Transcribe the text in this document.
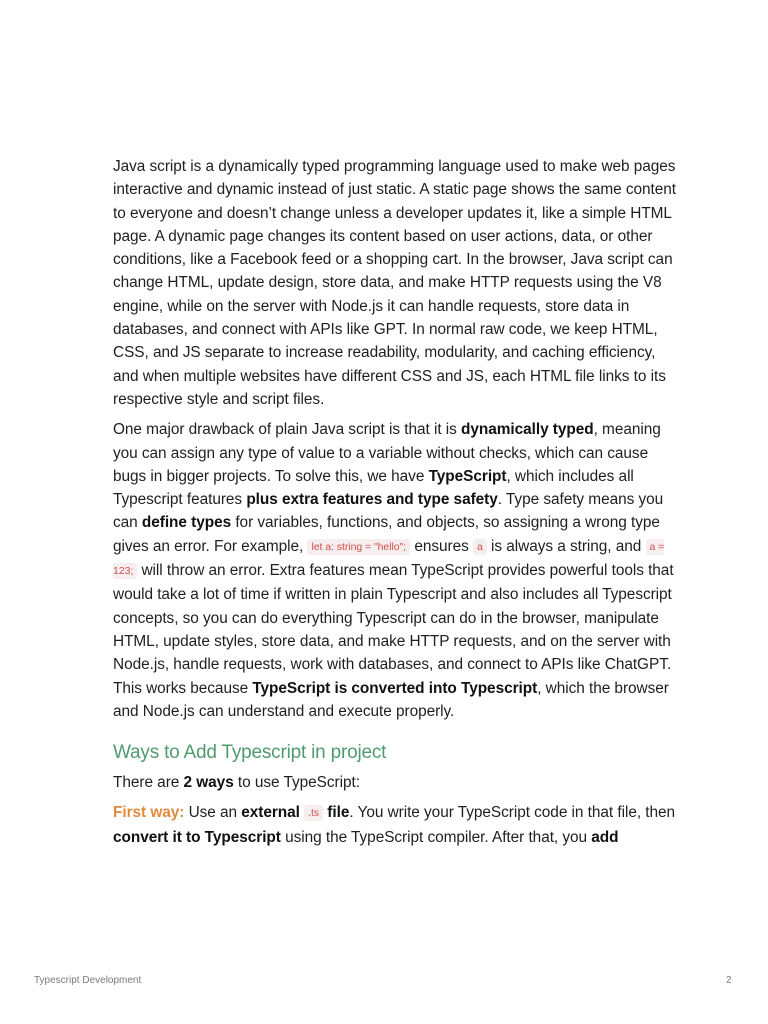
Java script is a dynamically typed programming language used to make web pages interactive and dynamic instead of just static. A static page shows the same content to everyone and doesn’t change unless a developer updates it, like a simple HTML page. A dynamic page changes its content based on user actions, data, or other conditions, like a Facebook feed or a shopping cart. In the browser, Java script can change HTML, update design, store data, and make HTTP requests using the V8 engine, while on the server with Node.js it can handle requests, store data in databases, and connect with APIs like GPT. In normal raw code, we keep HTML, CSS, and JS separate to increase readability, modularity, and caching efficiency, and when multiple websites have different CSS and JS, each HTML file links to its respective style and script files.

One major drawback of plain Java script is that it is dynamically typed, meaning you can assign any type of value to a variable without checks, which can cause bugs in bigger projects. To solve this, we have TypeScript, which includes all Typescript features plus extra features and type safety. Type safety means you can define types for variables, functions, and objects, so assigning a wrong type gives an error. For example, let a: string = "hello"; ensures a is always a string, and a = 123; will throw an error. Extra features mean TypeScript provides powerful tools that would take a lot of time if written in plain Typescript and also includes all Typescript concepts, so you can do everything Typescript can do in the browser, manipulate HTML, update styles, store data, and make HTTP requests, and on the server with Node.js, handle requests, work with databases, and connect to APIs like ChatGPT. This works because TypeScript is converted into Typescript, which the browser and Node.js can understand and execute properly.

Ways to Add Typescript in project

There are 2 ways to use TypeScript:

First way: Use an external .ts file. You write your TypeScript code in that file, then convert it to Typescript using the TypeScript compiler. After that, you add

Typescript Development	2
